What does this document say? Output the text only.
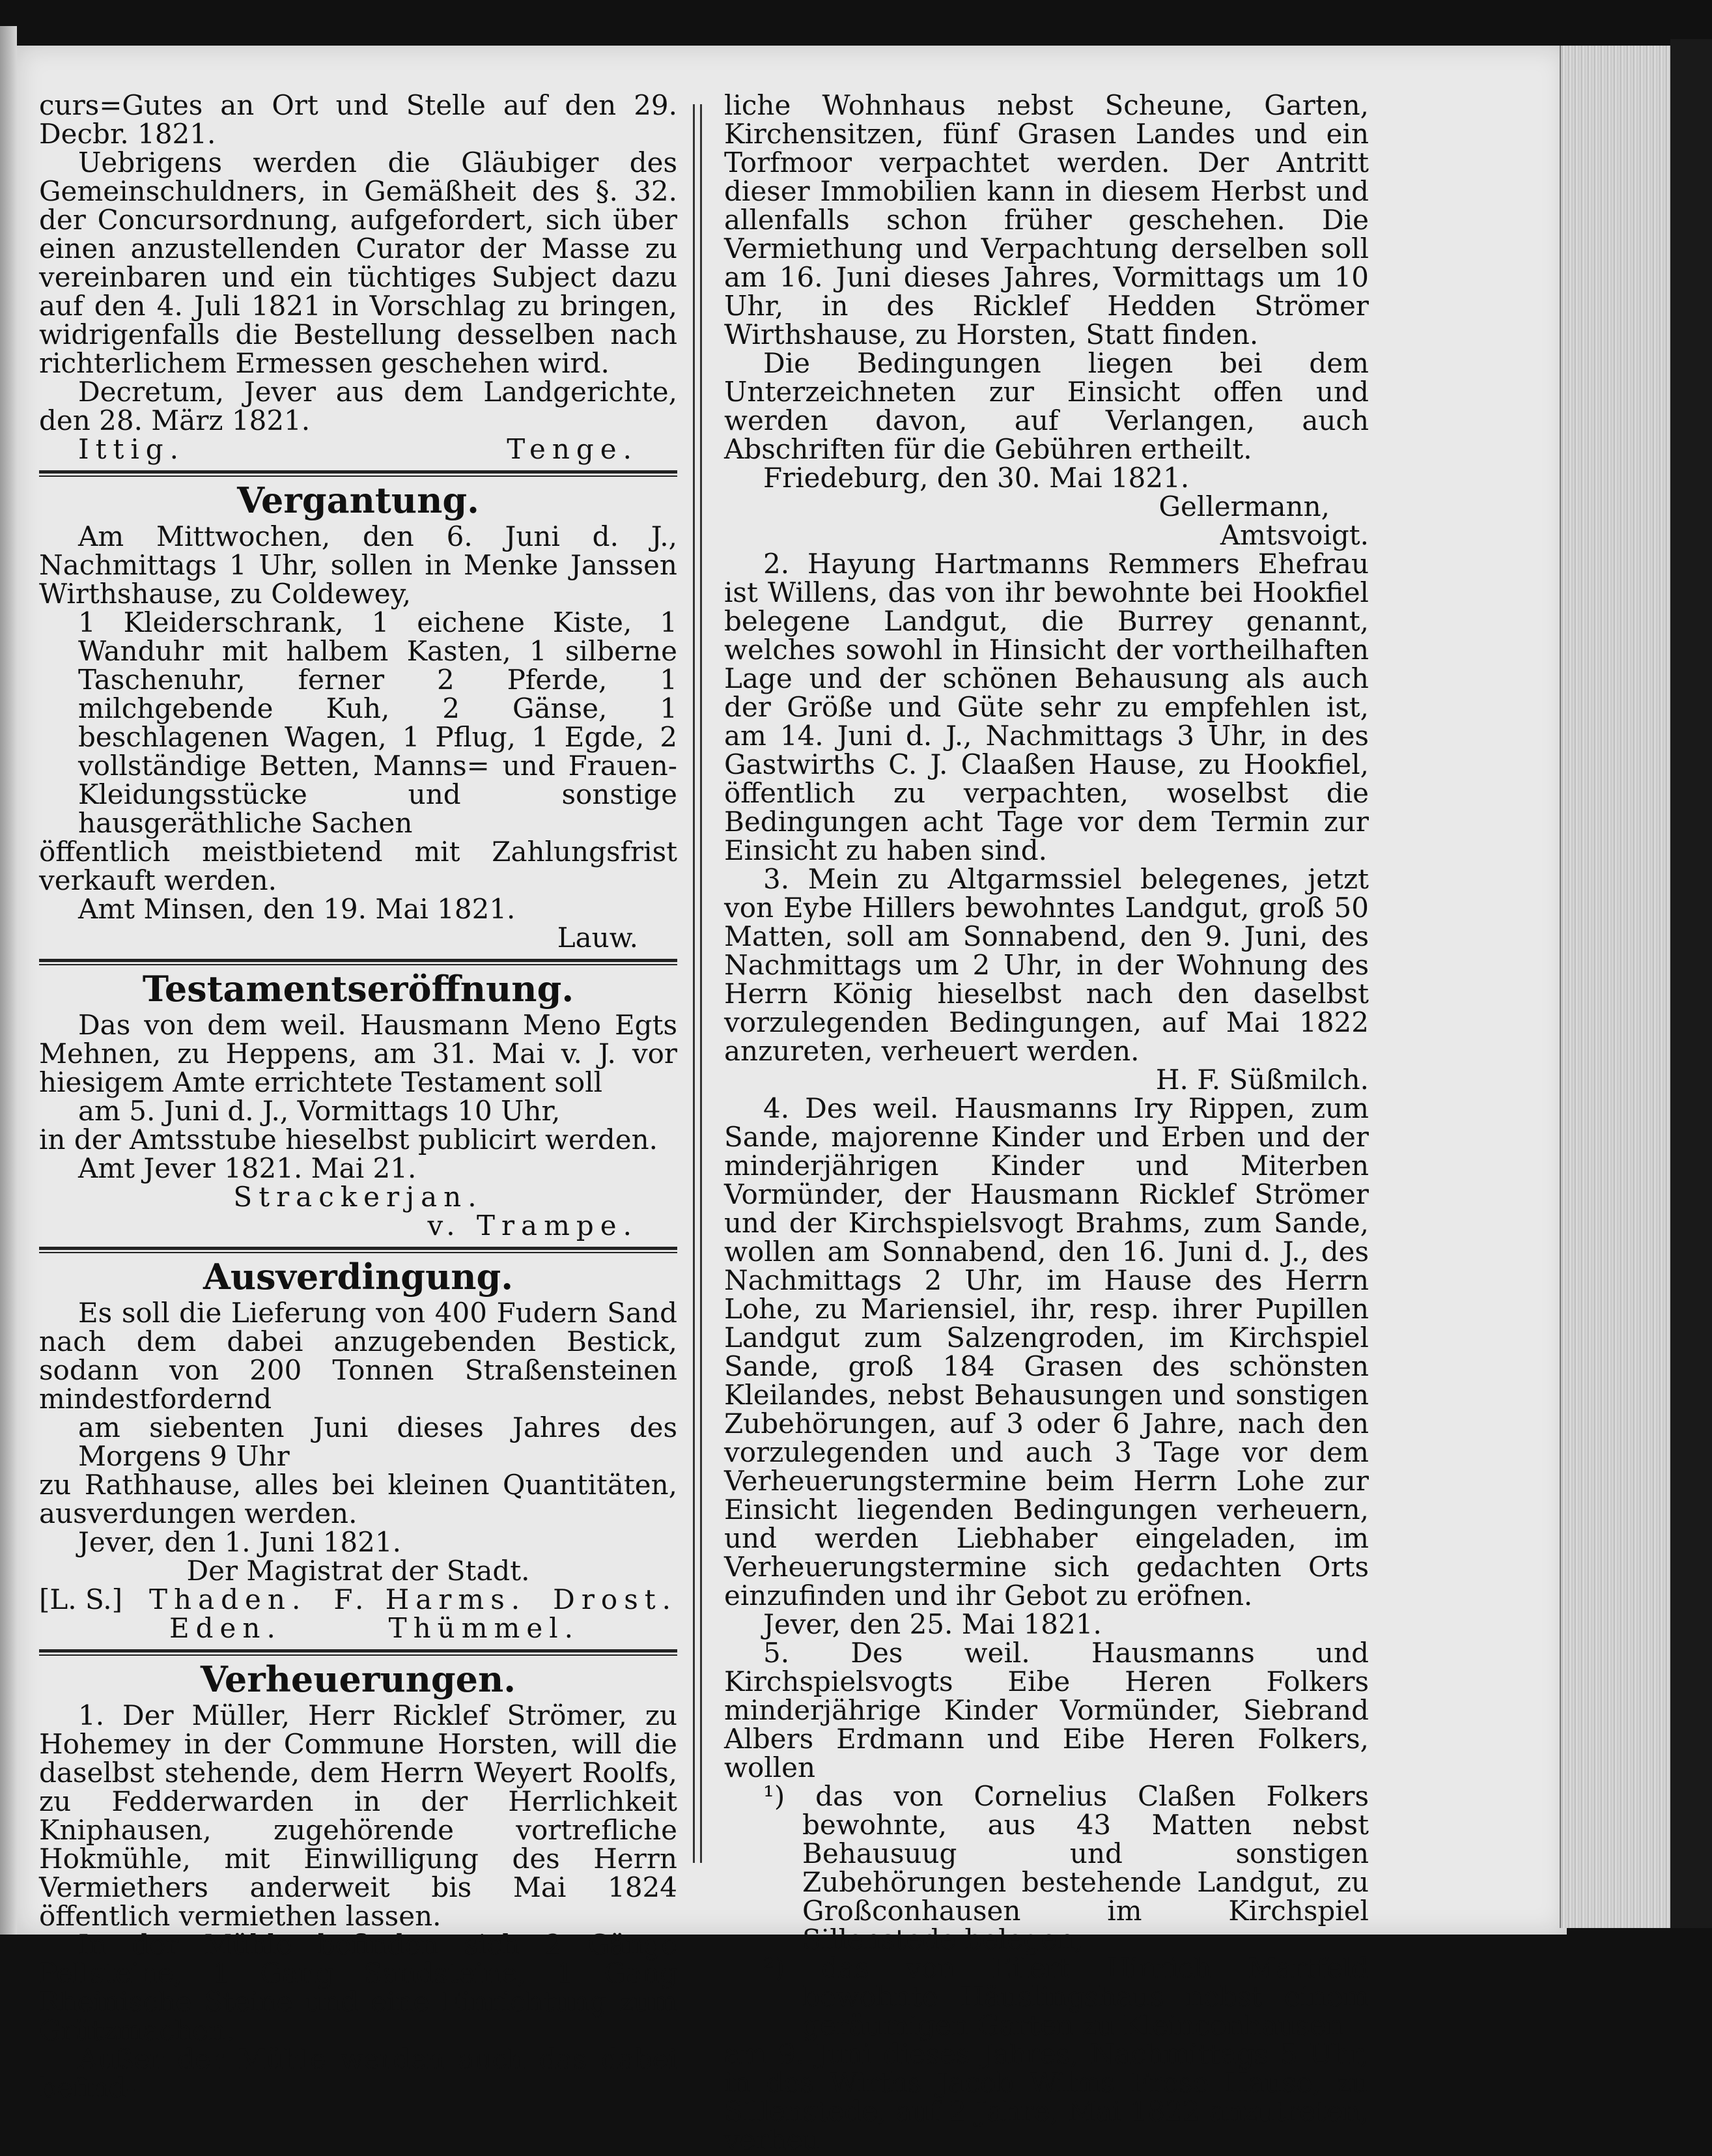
curs=Gutes an Ort und Stelle auf den 29. Decbr. 1821.

Uebrigens werden die Gläubiger des Gemeinschuldners, in Gemäßheit des §. 32. der Concursordnung, aufgefordert, sich über einen anzustellenden Curator der Masse zu vereinbaren und ein tüchtiges Subject dazu auf den 4. Juli 1821 in Vorschlag zu bringen, widrigenfalls die Bestellung desselben nach richterlichem Ermessen geschehen wird.

Decretum, Jever aus dem Landgerichte, den 28. März 1821.

Ittig.	Tenge.
Vergantung.

Am Mittwochen, den 6. Juni d. J., Nachmittags 1 Uhr, sollen in Menke Janssen Wirthshause, zu Coldewey,

1 Kleiderschrank, 1 eichene Kiste, 1 Wanduhr mit halbem Kasten, 1 silberne Taschenuhr, ferner 2 Pferde, 1 milchgebende Kuh, 2 Gänse, 1 beschlagenen Wagen, 1 Pflug, 1 Egde, 2 vollständige Betten, Manns= und Frauen-Kleidungsstücke und sonstige hausgeräthliche Sachen

öffentlich meistbietend mit Zahlungsfrist verkauft werden.

Amt Minsen, den 19. Mai 1821.

Lauw.

Testamentseröffnung.

Das von dem weil. Hausmann Meno Egts Mehnen, zu Heppens, am 31. Mai v. J. vor hiesigem Amte errichtete Testament soll

am 5. Juni d. J., Vormittags 10 Uhr,

in der Amtsstube hieselbst publicirt werden.

Amt Jever 1821. Mai 21.

Strackerjan.

v. Trampe.

Ausverdingung.

Es soll die Lieferung von 400 Fudern Sand nach dem dabei anzugebenden Bestick, sodann von 200 Tonnen Straßensteinen mindestfordernd

am siebenten Juni dieses Jahres des Morgens 9 Uhr

zu Rathhause, alles bei kleinen Quantitäten, ausverdungen werden.

Jever, den 1. Juni 1821.

Der Magistrat der Stadt.

[L. S.] Thaden. F. Harms. Drost.
Eden.	Thümmel.
Verheuerungen.

1. Der Müller, Herr Ricklef Strömer, zu Hohemey in der Commune Horsten, will die daselbst stehende, dem Herrn Weyert Roolfs, zu Fedderwarden in der Herrlichkeit Kniphausen, zugehörende vortrefliche Hokmühle, mit Einwilligung des Herrn Vermiethers anderweit bis Mai 1824 öffentlich vermiethen lassen.

In der Mühle befinden sich 2 Gänge Pellsteine, 1 Gang Sandsteine, 1 Gang Rheinische Steine und eine Einrichtung zum Grützmachen.

Außer der Mühle werden auch das dabei befind-

liche Wohnhaus nebst Scheune, Garten, Kirchensitzen, fünf Grasen Landes und ein Torfmoor verpachtet werden. Der Antritt dieser Immobilien kann in diesem Herbst und allenfalls schon früher geschehen. Die Vermiethung und Verpachtung derselben soll am 16. Juni dieses Jahres, Vormittags um 10 Uhr, in des Ricklef Hedden Strömer Wirthshause, zu Horsten, Statt finden.

Die Bedingungen liegen bei dem Unterzeichneten zur Einsicht offen und werden davon, auf Verlangen, auch Abschriften für die Gebühren ertheilt.

Friedeburg, den 30. Mai 1821.

Gellermann,

Amtsvoigt.

2. Hayung Hartmanns Remmers Ehefrau ist Willens, das von ihr bewohnte bei Hookfiel belegene Landgut, die Burrey genannt, welches sowohl in Hinsicht der vortheilhaften Lage und der schönen Behausung als auch der Größe und Güte sehr zu empfehlen ist, am 14. Juni d. J., Nachmittags 3 Uhr, in des Gastwirths C. J. Claaßen Hause, zu Hookfiel, öffentlich zu verpachten, woselbst die Bedingungen acht Tage vor dem Termin zur Einsicht zu haben sind.

3. Mein zu Altgarmssiel belegenes, jetzt von Eybe Hillers bewohntes Landgut, groß 50 Matten, soll am Sonnabend, den 9. Juni, des Nachmittags um 2 Uhr, in der Wohnung des Herrn König hieselbst nach den daselbst vorzulegenden Bedingungen, auf Mai 1822 anzureten, verheuert werden.

H. F. Süßmilch.

4. Des weil. Hausmanns Iry Rippen, zum Sande, majorenne Kinder und Erben und der minderjährigen Kinder und Miterben Vormünder, der Hausmann Ricklef Strömer und der Kirchspielsvogt Brahms, zum Sande, wollen am Sonnabend, den 16. Juni d. J., des Nachmittags 2 Uhr, im Hause des Herrn Lohe, zu Mariensiel, ihr, resp. ihrer Pupillen Landgut zum Salzengroden, im Kirchspiel Sande, groß 184 Grasen des schönsten Kleilandes, nebst Behausungen und sonstigen Zubehörungen, auf 3 oder 6 Jahre, nach den vorzulegenden und auch 3 Tage vor dem Verheuerungstermine beim Herrn Lohe zur Einsicht liegenden Bedingungen verheuern, und werden Liebhaber eingeladen, im Verheuerungstermine sich gedachten Orts einzufinden und ihr Gebot zu eröfnen.

Jever, den 25. Mai 1821.

5. Des weil. Hausmanns und Kirchspielsvogts Eibe Heren Folkers minderjährige Kinder Vormünder, Siebrand Albers Erdmann und Eibe Heren Folkers, wollen

¹) das von Cornelius Claßen Folkers bewohnte, aus 43 Matten nebst Behausuug und sonstigen Zubehörungen bestehende Landgut, zu Großconhausen im Kirchspiel Sillenstede belegen,

²) das von Eilert Hinrich Martfeld bewohnte Häuslingshaus nebst einem geräumigen Garten zu Kleinconhausen

am 9. Juni dieses Jahres, Nachmittags 5 Uhr, in des Wirths Jacob Wilms Frese Hause, zu Sillenstede, auf 2 Jahre, Mai 1822 anzutreten, verheu-
